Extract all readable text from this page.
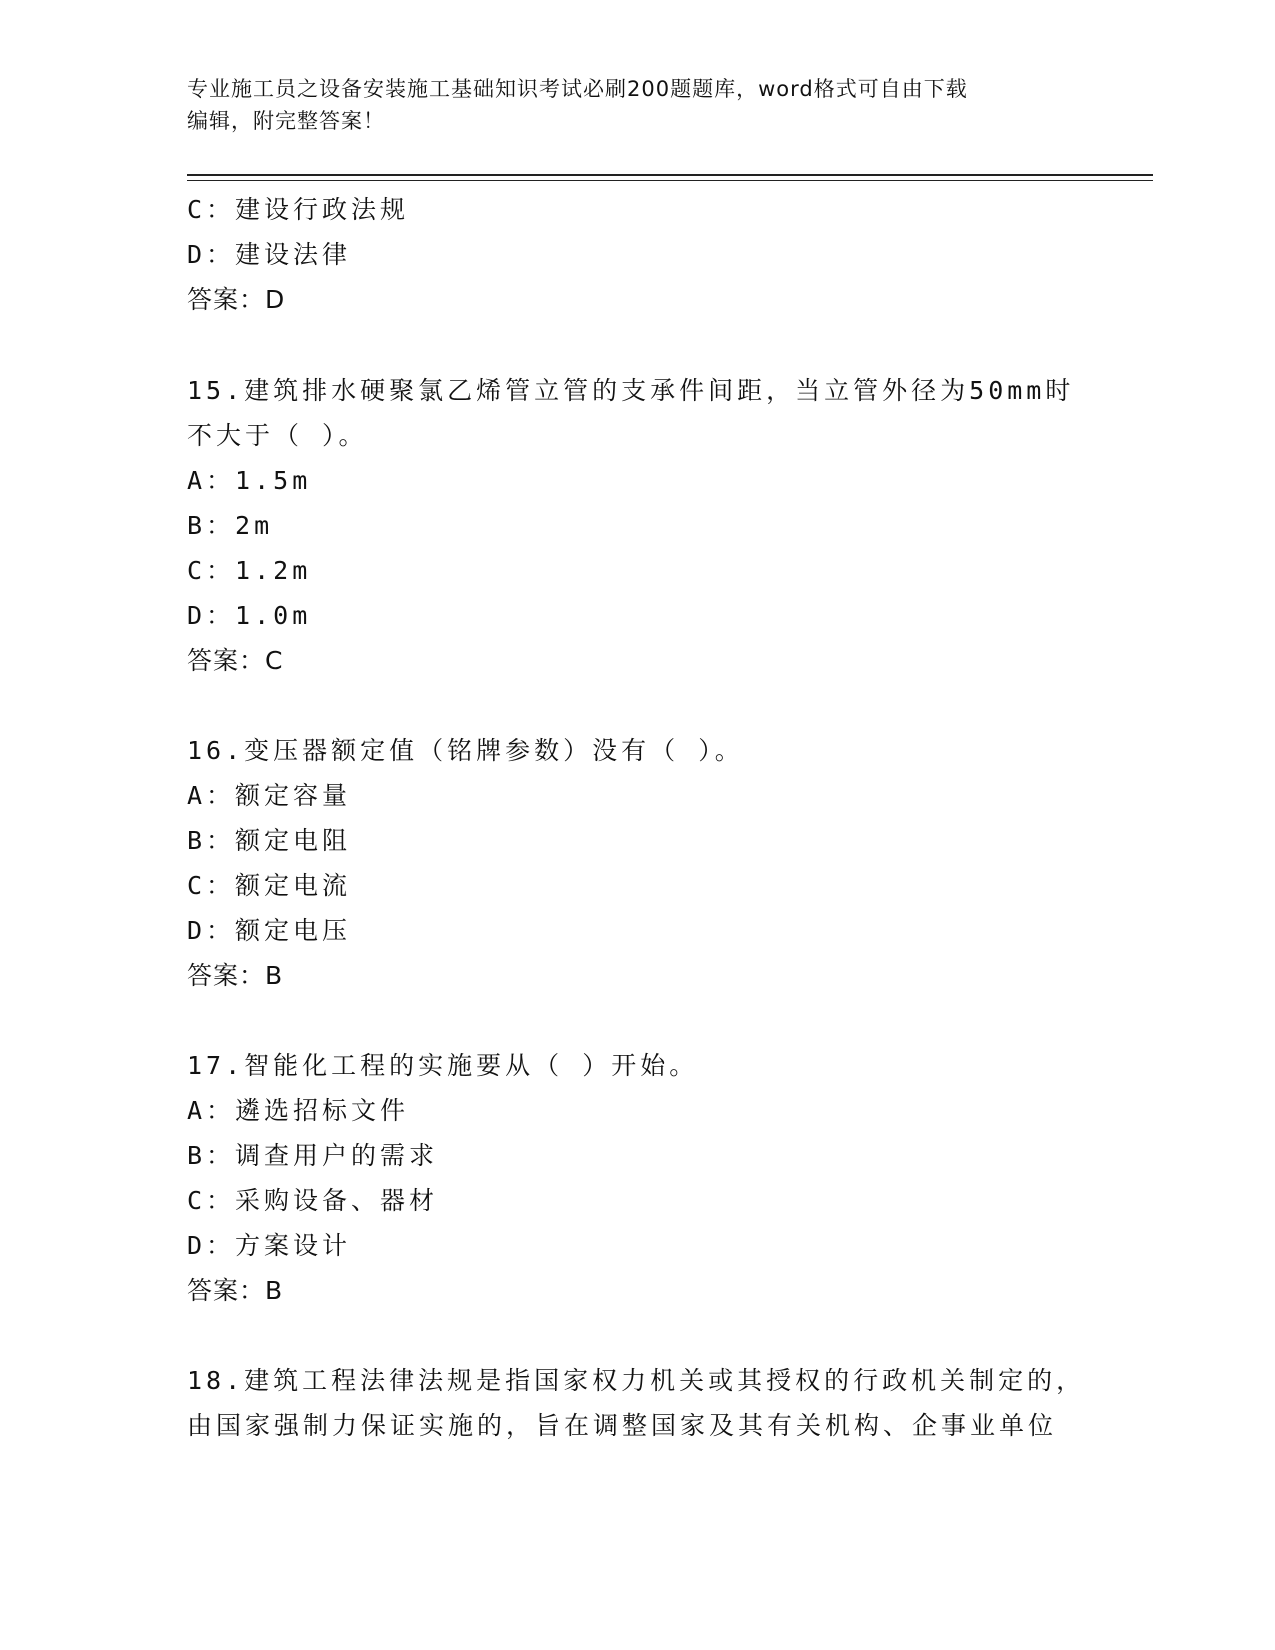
专业施工员之设备安装施工基础知识考试必刷200题题库，word格式可自由下载
编辑，附完整答案！
C：建设行政法规
D：建设法律
答案：D
15.建筑排水硬聚氯乙烯管立管的支承件间距，当立管外径为50mm时
不大于（ ）。
A：1.5m
B：2m
C：1.2m
D：1.0m
答案：C
16.变压器额定值（铭牌参数）没有（ ）。
A：额定容量
B：额定电阻
C：额定电流
D：额定电压
答案：B
17.智能化工程的实施要从（ ）开始。
A：遴选招标文件
B：调查用户的需求
C：采购设备、器材
D：方案设计
答案：B
18.建筑工程法律法规是指国家权力机关或其授权的行政机关制定的，
由国家强制力保证实施的，旨在调整国家及其有关机构、企事业单位
